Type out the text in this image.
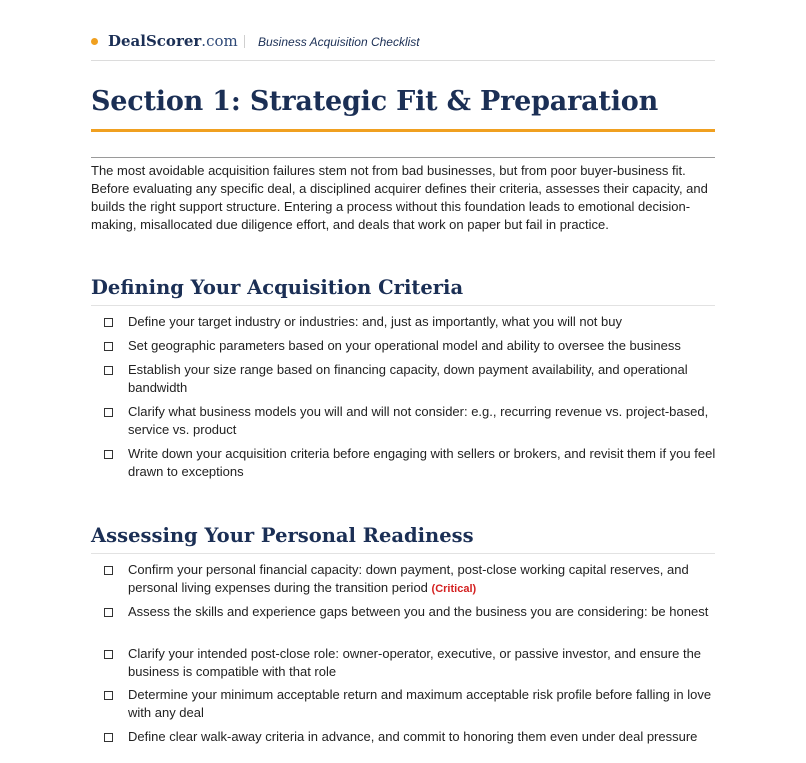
DealScorer.com Business Acquisition Checklist
Section 1: Strategic Fit & Preparation

The most avoidable acquisition failures stem not from bad businesses, but from poor buyer-business fit. Before evaluating any specific deal, a disciplined acquirer defines their criteria, assesses their capacity, and builds the right support structure. Entering a process without this foundation leads to emotional decision-making, misallocated due diligence effort, and deals that work on paper but fail in practice.

Defining Your Acquisition Criteria

Define your target industry or industries: and, just as importantly, what you will not buy

Set geographic parameters based on your operational model and ability to oversee the business

Establish your size range based on financing capacity, down payment availability, and operational bandwidth

Clarify what business models you will and will not consider: e.g., recurring revenue vs. project-based, service vs. product

Write down your acquisition criteria before engaging with sellers or brokers, and revisit them if you feel drawn to exceptions

Assessing Your Personal Readiness

Confirm your personal financial capacity: down payment, post-close working capital reserves, and personal living expenses during the transition period (Critical)

Assess the skills and experience gaps between you and the business you are considering: be honest

Clarify your intended post-close role: owner-operator, executive, or passive investor, and ensure the business is compatible with that role

Determine your minimum acceptable return and maximum acceptable risk profile before falling in love with any deal

Define clear walk-away criteria in advance, and commit to honoring them even under deal pressure
